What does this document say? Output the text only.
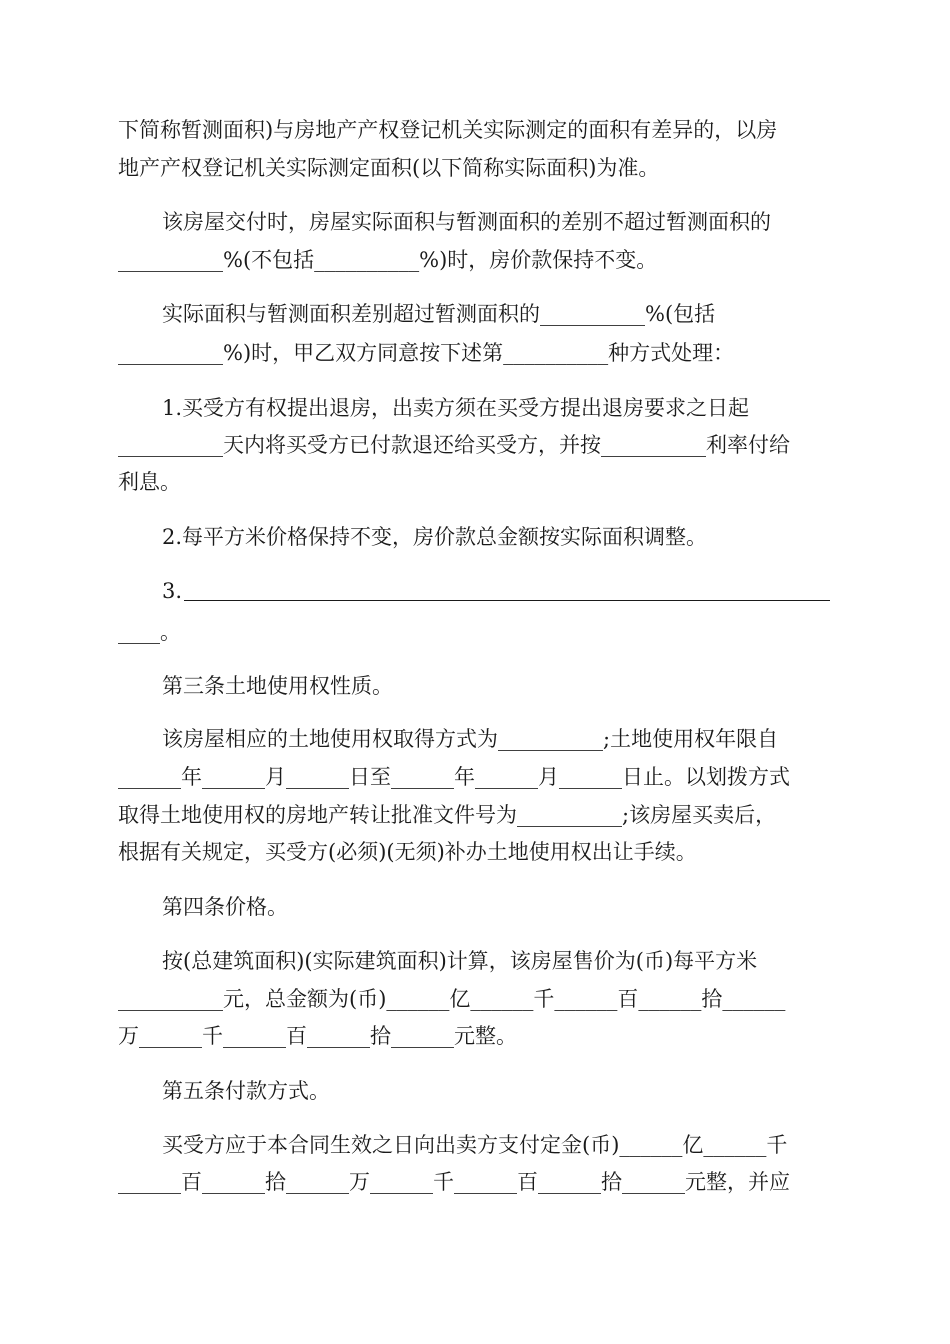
下简称暂测面积)与房地产产权登记机关实际测定的面积有差异的，以房

地产产权登记机关实际测定面积(以下简称实际面积)为准。

该房屋交付时，房屋实际面积与暂测面积的差别不超过暂测面积的

__________%(不包括__________%)时，房价款保持不变。

实际面积与暂测面积差别超过暂测面积的__________%(包括

__________%)时，甲乙双方同意按下述第__________种方式处理：

1.买受方有权提出退房，出卖方须在买受方提出退房要求之日起

__________天内将买受方已付款退还给买受方，并按__________利率付给

利息。

2.每平方米价格保持不变，房价款总金额按实际面积调整。

3.

____。

第三条土地使用权性质。

该房屋相应的土地使用权取得方式为__________;土地使用权年限自

______年______月______日至______年______月______日止。以划拨方式

取得土地使用权的房地产转让批准文件号为__________;该房屋买卖后，

根据有关规定，买受方(必须)(无须)补办土地使用权出让手续。

第四条价格。

按(总建筑面积)(实际建筑面积)计算，该房屋售价为(币)每平方米

__________元，总金额为(币)______亿______千______百______拾______

万______千______百______拾______元整。

第五条付款方式。

买受方应于本合同生效之日向出卖方支付定金(币)______亿______千

______百______拾______万______千______百______拾______元整，并应
